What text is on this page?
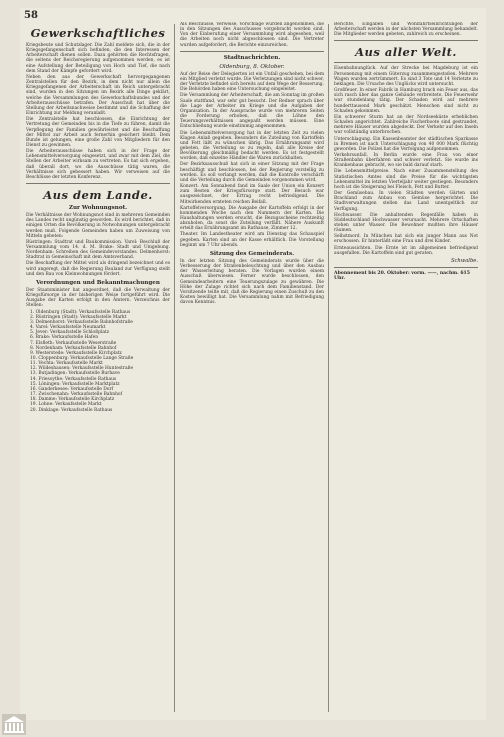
58
Gewerkschaftliches

Kriegsbeute und Schutzlager. Die Zahl meldete sich, die in der Kriegsgefangenschaft sich befinden, die den Interessen der Arbeiterschaft dienen sollen. Dazu gehörten die Rechtsfragen, die seitens der Reichsregierung aufgenommen werden, es ist eine Aufstellung der Beteiligung von Hoch und Tief, die nach dem Stand der Kämpfe gefordert wird.

Neben den aus der Gewerkschaft hervorgegangenen Zentralstellen für den Bezirk, in dem nicht nur allein die Kriegsgefangenen der Arbeiterschaft im Reich untergebracht sind, wurden in den Sitzungen im Bezirk alle Dinge geklärt, welche die Versammlungen des Gewerkschaftsbundes und der Arbeiterausschüsse betrafen. Der Ausschuß hat über die Stellung der Arbeitsnachweise bestimmt und die Schaffung der Einrichtung zur Meldung veranlaßt.

Die Zentralstelle hat beschlossen, die Einrichtung der Vertretung der Gemeinden bis in die Tiefe zu führen, damit die Verpflegung der Familien gewährleistet und die Beschaffung der Mittel zur Arbeit auch fernerhin gesichert bleibt. Dem Bunde ist gelungen, eine große Zahl von Mitgliedern für den Dienst zu gewinnen.

Die Arbeiterausschüsse haben sich in der Frage der Lebensmittelversorgung eingesetzt, und zwar mit dem Ziel, die Stellen der Arbeiter wirksam zu vertreten. Es hat sich ergeben, daß überall dort, wo die Ausschüsse tätig waren, die Verhältnisse sich gebessert haben. Wir verweisen auf die Beschlüsse der letzten Konferenz.

Aus dem Lande.
Zur Wohnungsnot.

Die Verhältnisse der Wohnungsnot sind in mehreren Gemeinden des Landes recht ungünstig geworden. Es wird berichtet, daß in einigen Orten die Bevölkerung in Notwohnungen untergebracht werden muß. Folgende Gemeinden haben um Zuweisung von Mitteln gebeten:

Rüstringen: Stadtrat und Baukommission. Varel: Beschluß der Versammlung vom 14. d. M. Brake: Stadt und Umgebung. Nordenham: Schreiben des Gemeindevorstandes. Delmenhorst: Stadtrat in Gemeinschaft mit dem Amtsverband.

Die Beschaffung der Mittel wird als dringend bezeichnet und es wird angeregt, daß die Regierung Bauland zur Verfügung stellt und den Bau von Kleinwohnungen fördert.

Verordnungen und Bekanntmachungen

Der Staatsminister hat angeordnet, daß die Verwaltung der Kriegsfürsorge in der bisherigen Weise fortgeführt wird. Die Ausgabe der Karten erfolgt in den Ämtern. Verzeichnis der Stellen:

1. Oldenburg (Stadt): Verkaufsstelle Rathaus
2. Rüstringen (Stadt): Verkaufsstelle Markt
3. Delmenhorst: Verkaufsstelle Bahnhofstraße
4. Varel: Verkaufsstelle Neumarkt
5. Jever: Verkaufsstelle Schloßplatz
6. Brake: Verkaufsstelle Hafen
7. Elsfleth: Verkaufsstelle Weserstraße
8. Nordenham: Verkaufsstelle Bahnhof
9. Westerstede: Verkaufsstelle Kirchplatz
10. Cloppenburg: Verkaufsstelle Lange Straße
11. Vechta: Verkaufsstelle Markt
12. Wildeshausen: Verkaufsstelle Huntestraße
13. Butjadingen: Verkaufsstelle Burhave
14. Friesoythe: Verkaufsstelle Rathaus
15. Löningen: Verkaufsstelle Marktplatz
16. Ganderkesee: Verkaufsstelle Dorf
17. Zwischenahn: Verkaufsstelle Bahnhof
18. Damme: Verkaufsstelle Kirchplatz
19. Lohne: Verkaufsstelle Markt
20. Dinklage: Verkaufsstelle Rathaus

Als Beschlüsse, Verweise, Vorschläge wurden angenommen, die in den Sitzungen des Ausschusses vorgebracht worden sind. Von der Einberufung einer Versammlung wird abgesehen, weil die Arbeiten noch nicht abgeschlossen sind. Die Vertreter wurden aufgefordert, die Berichte einzureichen.

Stadtnachrichten.
Oldenburg, 8. Oktober.

Auf der Reise der Delegierten ist ein Unfall geschehen, bei dem ein Mitglied verletzt wurde. Die Verletzungen sind nicht schwer, der Verletzte befindet sich bereits auf dem Wege der Besserung. Die Behörden haben eine Untersuchung eingeleitet.

Die Versammlung der Arbeiterschaft, die am Sonntag im großen Saale stattfand, war sehr gut besucht. Der Redner sprach über die Lage der Arbeiter im Kriege und die Aufgaben der Organisation. In der Aussprache wurde von mehreren Seiten die Forderung erhoben, daß die Löhne den Teuerungsverhältnissen angepaßt werden müssen. Eine Entschließung wurde einstimmig angenommen.

Die Lebensmittelversorgung hat in der letzten Zeit zu vielen Klagen Anlaß gegeben. Besonders die Zuteilung von Kartoffeln und Fett läßt zu wünschen übrig. Das Ernährungsamt wird gebeten, die Verteilung so zu regeln, daß alle Kreise der Bevölkerung gleichmäßig bedacht werden. Es ist festgestellt worden, daß einzelne Händler die Waren zurückhalten.

Der Bezirksausschuß hat sich in einer Sitzung mit der Frage beschäftigt und beschlossen, bei der Regierung vorstellig zu werden. Es soll verlangt werden, daß die Kontrolle verschärft und die Verteilung durch die Gemeinden vorgenommen wird.

Konzert. Am Sonnabend fand im Saale der Union ein Konzert zum Besten der Kriegsfürsorge statt. Der Besuch war ausgezeichnet, der Ertrag recht befriedigend. Die Mitwirkenden ernteten reichen Beifall.

Kartoffelversorgung. Die Ausgabe der Kartoffeln erfolgt in der kommenden Woche nach den Nummern der Karten. Die Haushaltungen werden ersucht, die Bezugsscheine rechtzeitig abzuholen, da sonst die Zuteilung verfällt. Nähere Auskunft erteilt das Ernährungsamt im Rathause, Zimmer 12.

Theater. Im Landestheater wird am Dienstag das Schauspiel gegeben. Karten sind an der Kasse erhältlich. Die Vorstellung beginnt um 7 Uhr abends.

Sitzung des Gemeinderats.

In der letzten Sitzung des Gemeinderats wurde über die Verbesserung der Straßenbeleuchtung und über den Ausbau der Wasserleitung beraten. Die Vorlagen wurden einem Ausschuß überwiesen. Ferner wurde beschlossen, den Gemeindearbeitern eine Teuerungszulage zu gewähren. Die Höhe der Zulage richtet sich nach dem Familienstand. Der Vorsitzende teilte mit, daß die Regierung einen Zuschuß zu den Kosten bewilligt hat. Die Versammlung nahm mit Befriedigung davon Kenntnis.

Berichte, Eingaben und Wohlfahrtseinrichtungen der Arbeiterschaft werden in der nächsten Versammlung behandelt. Die Mitglieder werden gebeten, zahlreich zu erscheinen.

Aus aller Welt.

Eisenbahnunglück. Auf der Strecke bei Magdeburg ist ein Personenzug mit einem Güterzug zusammengestoßen. Mehrere Wagen wurden zertrümmert. Es sind 3 Tote und 14 Verletzte zu beklagen. Die Ursache des Unglücks wird untersucht.

Großfeuer. In einer Fabrik in Hamburg brach ein Feuer aus, das sich rasch über das ganze Gebäude verbreitete. Die Feuerwehr war stundenlang tätig. Der Schaden wird auf mehrere hunderttausend Mark geschätzt. Menschen sind nicht zu Schaden gekommen.

Ein schwerer Sturm hat an der Nordseeküste erheblichen Schaden angerichtet. Zahlreiche Fischerboote sind gestrandet, mehrere Häuser wurden abgedeckt. Der Verkehr auf den Inseln war vollständig unterbrochen.

Unterschlagung. Ein Kassenbeamter der städtischen Sparkasse in Bremen ist nach Unterschlagung von 40 000 Mark flüchtig geworden. Die Polizei hat die Verfolgung aufgenommen.

Verkehrsunfall. In Berlin wurde eine Frau von einer Straßenbahn überfahren und schwer verletzt. Sie wurde ins Krankenhaus gebracht, wo sie bald darauf starb.

Die Lebensmittelpreise. Nach einer Zusammenstellung des Statistischen Amtes sind die Preise für die wichtigsten Lebensmittel im letzten Vierteljahr weiter gestiegen. Besonders hoch ist die Steigerung bei Fleisch, Fett und Butter.

Der Gemüsebau. In vielen Städten werden Gärten und Brachland zum Anbau von Gemüse hergerichtet. Die Stadtverwaltungen stellen das Land unentgeltlich zur Verfügung.

Hochwasser. Die anhaltenden Regenfälle haben in Süddeutschland Hochwasser verursacht. Mehrere Ortschaften stehen unter Wasser. Die Bewohner mußten ihre Häuser räumen.

Selbstmord. In München hat sich ein junger Mann aus Not erschossen. Er hinterläßt eine Frau und drei Kinder.

Ernteaussichten. Die Ernte ist im allgemeinen befriedigend ausgefallen. Die Kartoffeln sind gut geraten.

Schwalbe.
Abonnement bis 20. Oktober: vorm. ——, nachm. 615 Uhr.
